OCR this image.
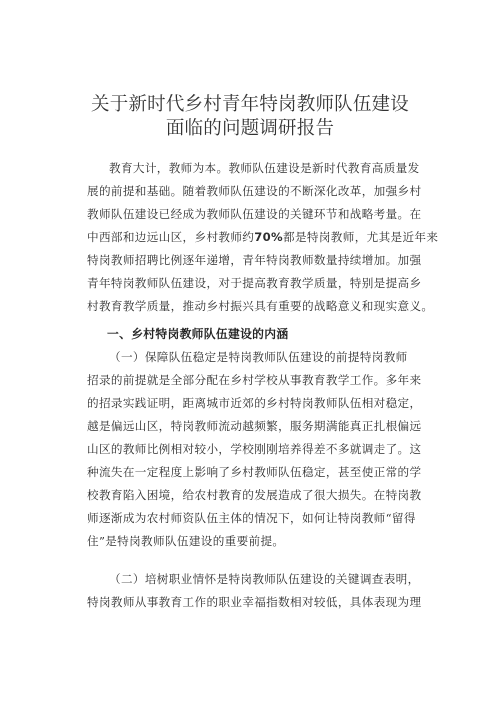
关于新时代乡村青年特岗教师队伍建设
面临的问题调研报告
教育大计，教师为本。教师队伍建设是新时代教育高质量发
展的前提和基础。随着教师队伍建设的不断深化改革，加强乡村
教师队伍建设已经成为教师队伍建设的关键环节和战略考量。在
中西部和边远山区，乡村教师约70%都是特岗教师，尤其是近年来
特岗教师招聘比例逐年递增，青年特岗教师数量持续增加。加强
青年特岗教师队伍建设，对于提高教育教学质量，特别是提高乡
村教育教学质量，推动乡村振兴具有重要的战略意义和现实意义。
一、乡村特岗教师队伍建设的内涵
（一）保障队伍稳定是特岗教师队伍建设的前提特岗教师
招录的前提就是全部分配在乡村学校从事教育教学工作。多年来
的招录实践证明，距离城市近郊的乡村特岗教师队伍相对稳定，
越是偏远山区，特岗教师流动越频繁，服务期满能真正扎根偏远
山区的教师比例相对较小，学校刚刚培养得差不多就调走了。这
种流失在一定程度上影响了乡村教师队伍稳定，甚至使正常的学
校教育陷入困境，给农村教育的发展造成了很大损失。在特岗教
师逐渐成为农村师资队伍主体的情况下，如何让特岗教师“留得
住”是特岗教师队伍建设的重要前提。
（二）培树职业情怀是特岗教师队伍建设的关键调查表明，
特岗教师从事教育工作的职业幸福指数相对较低，具体表现为理
